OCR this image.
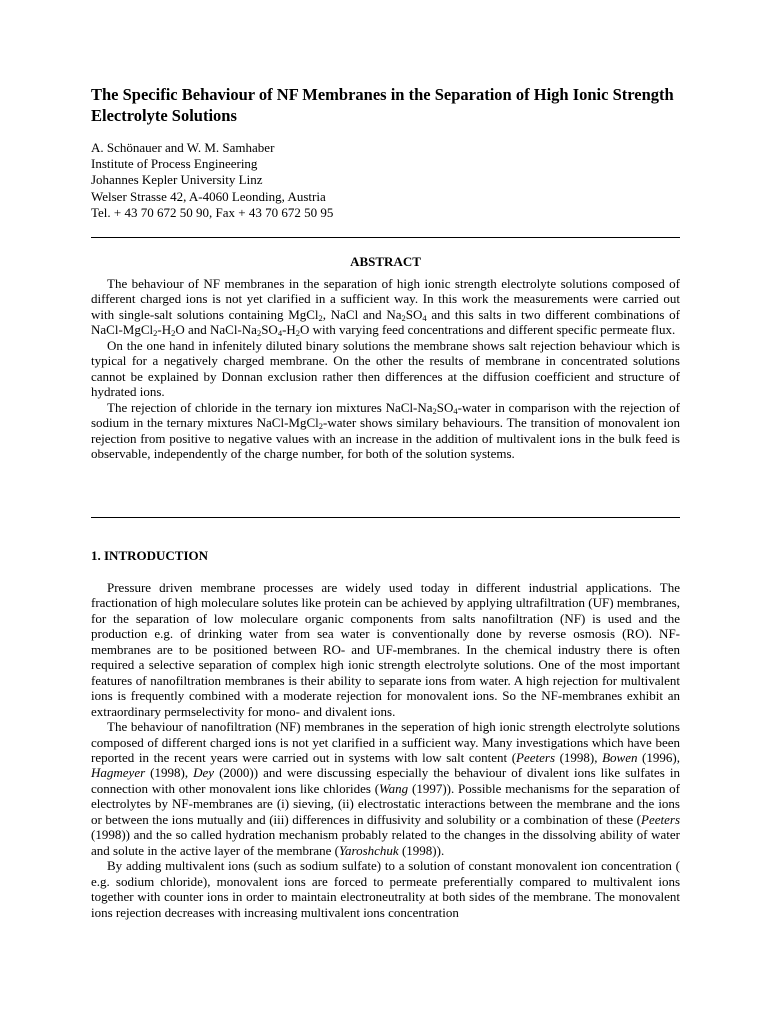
The Specific Behaviour of NF Membranes in the Separation of High Ionic Strength Electrolyte Solutions
A. Schönauer and W. M. Samhaber
Institute of Process Engineering
Johannes Kepler University Linz
Welser Strasse 42, A-4060 Leonding, Austria
Tel. + 43 70 672 50 90, Fax + 43 70 672 50 95
ABSTRACT

The behaviour of NF membranes in the separation of high ionic strength electrolyte solutions composed of different charged ions is not yet clarified in a sufficient way. In this work the measurements were carried out with single-salt solutions containing MgCl$_2$, NaCl and $Na_2SO_4$ and this salts in two different combinations of NaCl-$MgCl_2-H_2O$ and NaCl-$Na_2SO_4-H_2O$ with varying feed concentrations and different specific permeate flux.

On the one hand in infenitely diluted binary solutions the membrane shows salt rejection behaviour which is typical for a negatively charged membrane. On the other the results of membrane in concentrated solutions cannot be explained by Donnan exclusion rather then differences at the diffusion coefficient and structure of hydrated ions.

The rejection of chloride in the ternary ion mixtures NaCl-$Na_2SO_4$-water in comparison with the rejection of sodium in the ternary mixtures NaCl-MgCl$_2$-water shows similary behaviours. The transition of monovalent ion rejection from positive to negative values with an increase in the addition of multivalent ions in the bulk feed is observable, independently of the charge number, for both of the solution systems.

1. INTRODUCTION

Pressure driven membrane processes are widely used today in different industrial applications. The fractionation of high moleculare solutes like protein can be achieved by applying ultrafiltration (UF) membranes, for the separation of low moleculare organic components from salts nanofiltration (NF) is used and the production e.g. of drinking water from sea water is conventionally done by reverse osmosis (RO). NF-membranes are to be positioned between RO- and UF-membranes. In the chemical industry there is often required a selective separation of complex high ionic strength electrolyte solutions. One of the most important features of nanofiltration membranes is their ability to separate ions from water. A high rejection for multivalent ions is frequently combined with a moderate rejection for monovalent ions. So the NF-membranes exhibit an extraordinary permselectivity for mono- and divalent ions.

The behaviour of nanofiltration (NF) membranes in the seperation of high ionic strength electrolyte solutions composed of different charged ions is not yet clarified in a sufficient way. Many investigations which have been reported in the recent years were carried out in systems with low salt content (Peeters (1998), Bowen (1996), Hagmeyer (1998), Dey (2000)) and were discussing especially the behaviour of divalent ions like sulfates in connection with other monovalent ions like chlorides (Wang (1997)). Possible mechanisms for the separation of electrolytes by NF-membranes are (i) sieving, (ii) electrostatic interactions between the membrane and the ions or between the ions mutually and (iii) differences in diffusivity and solubility or a combination of these (Peeters (1998)) and the so called hydration mechanism probably related to the changes in the dissolving ability of water and solute in the active layer of the membrane (Yaroshchuk (1998)).

By adding multivalent ions (such as sodium sulfate) to a solution of constant monovalent ion concentration ( e.g. sodium chloride), monovalent ions are forced to permeate preferentially compared to multivalent ions together with counter ions in order to maintain electroneutrality at both sides of the membrane. The monovalent ions rejection decreases with increasing multivalent ions concentration
